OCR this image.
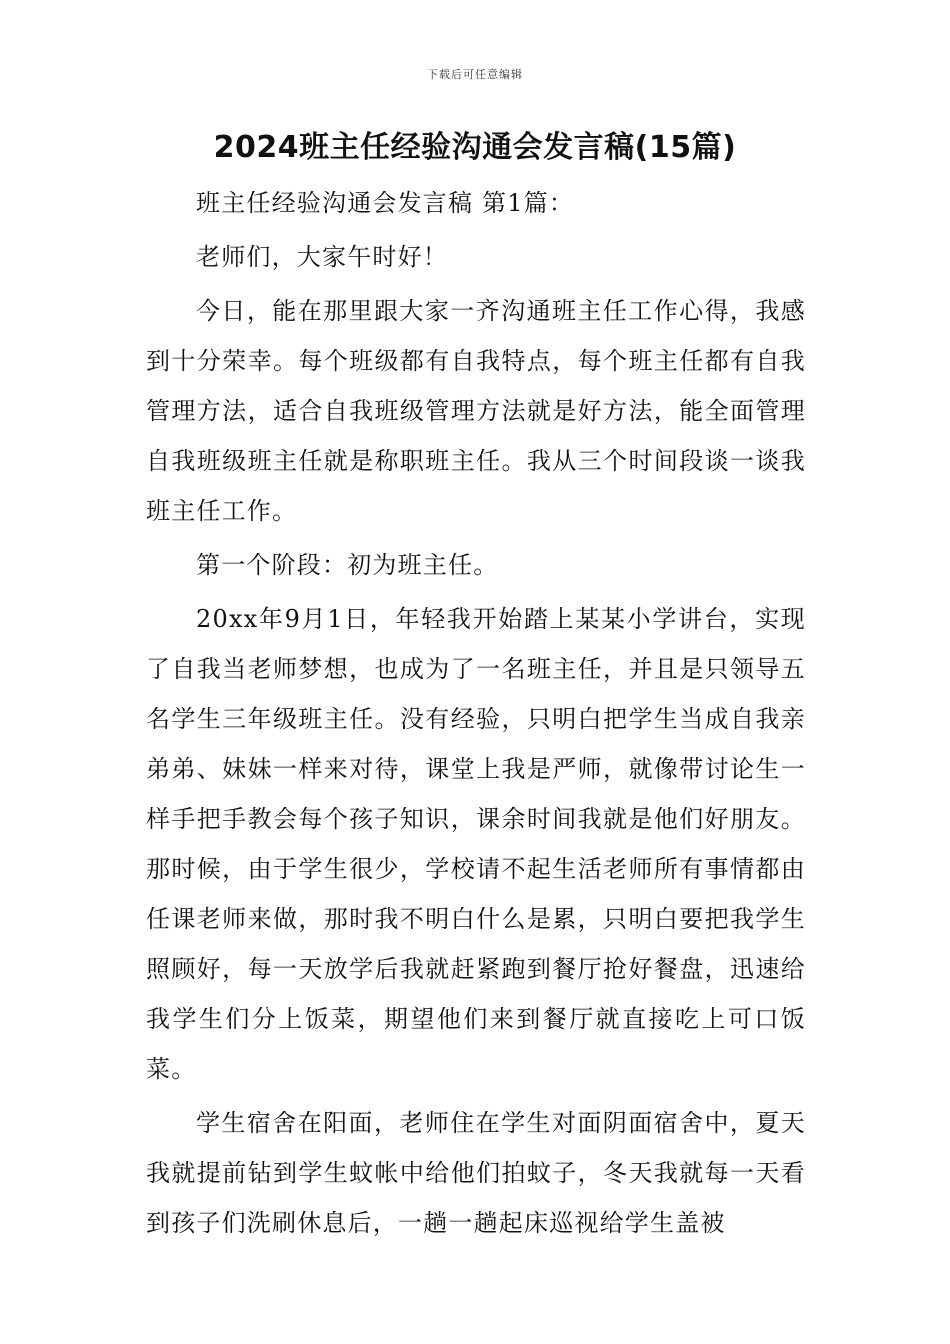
下载后可任意编辑
2024班主任经验沟通会发言稿(15篇)

班主任经验沟通会发言稿 第1篇：

老师们，大家午时好！

今日，能在那里跟大家一齐沟通班主任工作心得，我感到十分荣幸。每个班级都有自我特点，每个班主任都有自我管理方法，适合自我班级管理方法就是好方法，能全面管理自我班级班主任就是称职班主任。我从三个时间段谈一谈我班主任工作。

第一个阶段：初为班主任。

20xx年9月1日，年轻我开始踏上某某小学讲台，实现了自我当老师梦想，也成为了一名班主任，并且是只领导五名学生三年级班主任。没有经验，只明白把学生当成自我亲弟弟、妹妹一样来对待，课堂上我是严师，就像带讨论生一样手把手教会每个孩子知识，课余时间我就是他们好朋友。那时候，由于学生很少，学校请不起生活老师所有事情都由任课老师来做，那时我不明白什么是累，只明白要把我学生照顾好，每一天放学后我就赶紧跑到餐厅抢好餐盘，迅速给我学生们分上饭菜，期望他们来到餐厅就直接吃上可口饭菜。

学生宿舍在阳面，老师住在学生对面阴面宿舍中，夏天我就提前钻到学生蚊帐中给他们拍蚊子，冬天我就每一天看到孩子们洗刷休息后，一趟一趟起床巡视给学生盖被
